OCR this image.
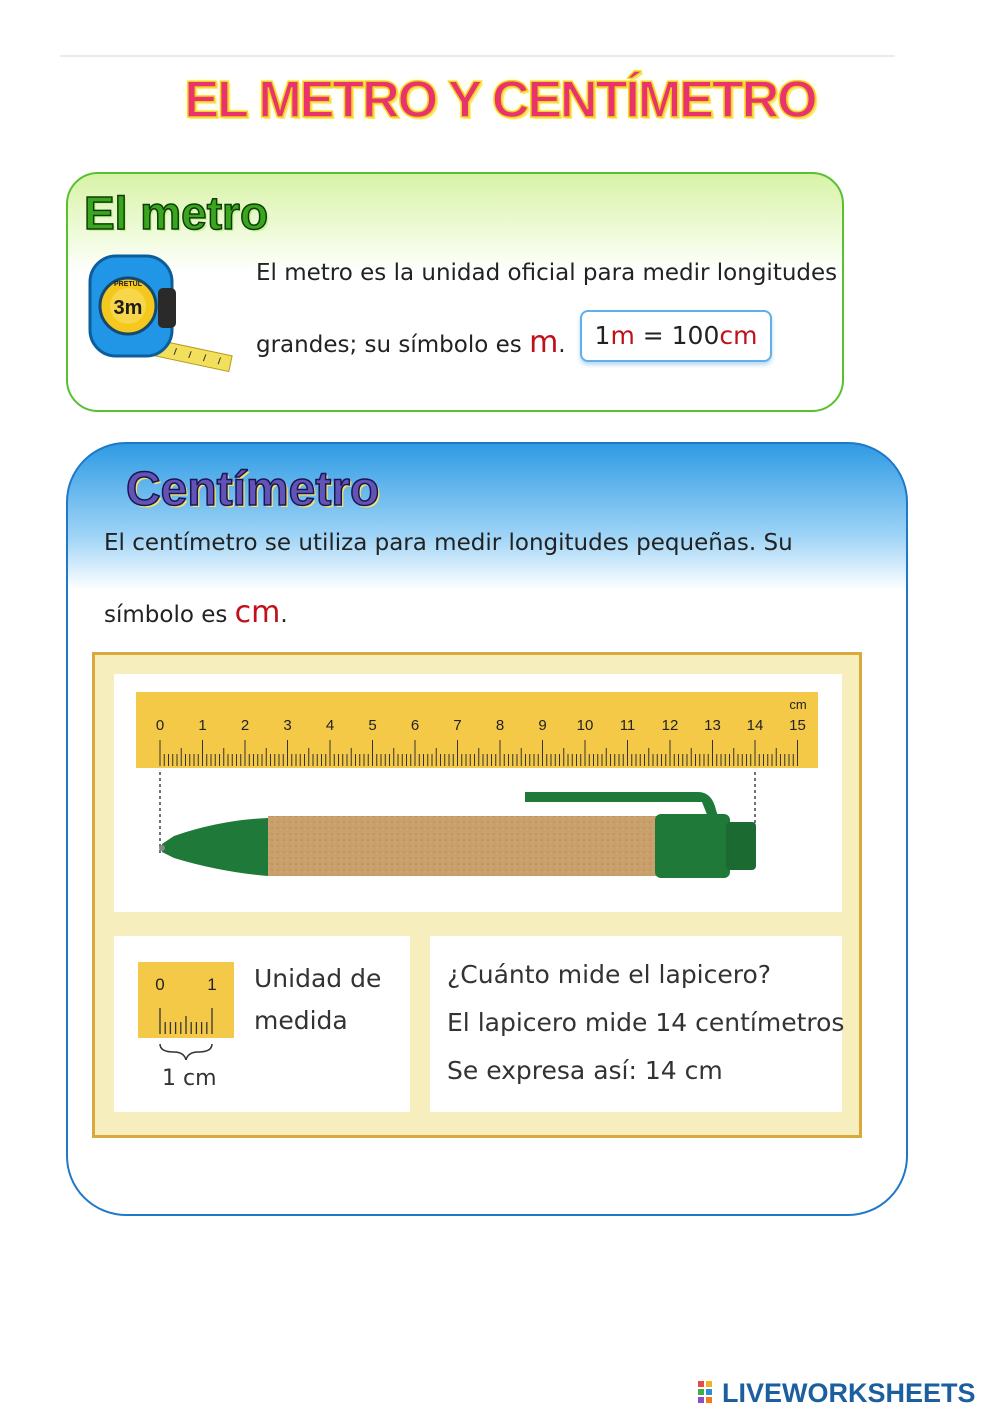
EL METRO Y CENTÍMETRO
El metro
3m
PRETUL	El metro es la unidad oficial para medir longitudes
grandes; su símbolo es m.	1m = 100cm
Centímetro
El centímetro se utiliza para medir longitudes pequeñas. Su
símbolo es cm.
0 1 2 3 4 5 6 7 8 9 10 11 12 13 14 15
cm
0	1
1 cm
Unidad de
medida
¿Cuánto mide el lapicero?
El lapicero mide 14 centímetros
Se expresa así: 14 cm
LIVEWORKSHEETS
